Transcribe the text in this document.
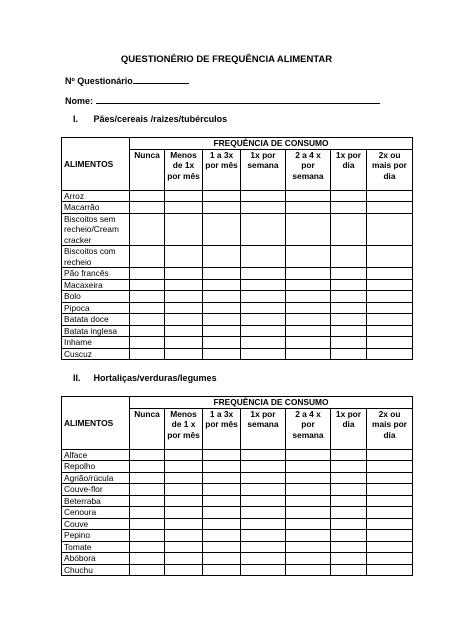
QUESTIONÉRIO DE FREQUÊNCIA ALIMENTAR
Nº Questionário
Nome:
I. Pães/cereais /raizes/tubérculos
ALIMENTOS	FREQUÊNCIA DE CONSUMO						
	Nunca	Menos de 1x por mês	1 a 3x por mês	1x por semana	2 a 4 x por semana	1x por dia	2x ou mais por dia
Arroz							
Macarrão							
Biscoitos sem recheio/Cream cracker							
Biscoitos com recheio							
Pão francês							
Macaxeira							
Bolo							
Pipoca							
Batata doce							
Batata inglesa							
Inhame							
Cuscuz							
II. Hortaliças/verduras/legumes
ALIMENTOS	FREQUÊNCIA DE CONSUMO						
	Nunca	Menos de 1 x por mês	1 a 3x por mês	1x por semana	2 a 4 x por semana	1x por dia	2x ou mais por dia
Alface							
Repolho							
Agrião/rúcula							
Couve-flor							
Beterraba							
Cenoura							
Couve							
Pepino							
Tomate							
Abóbora							
Chuchu							
